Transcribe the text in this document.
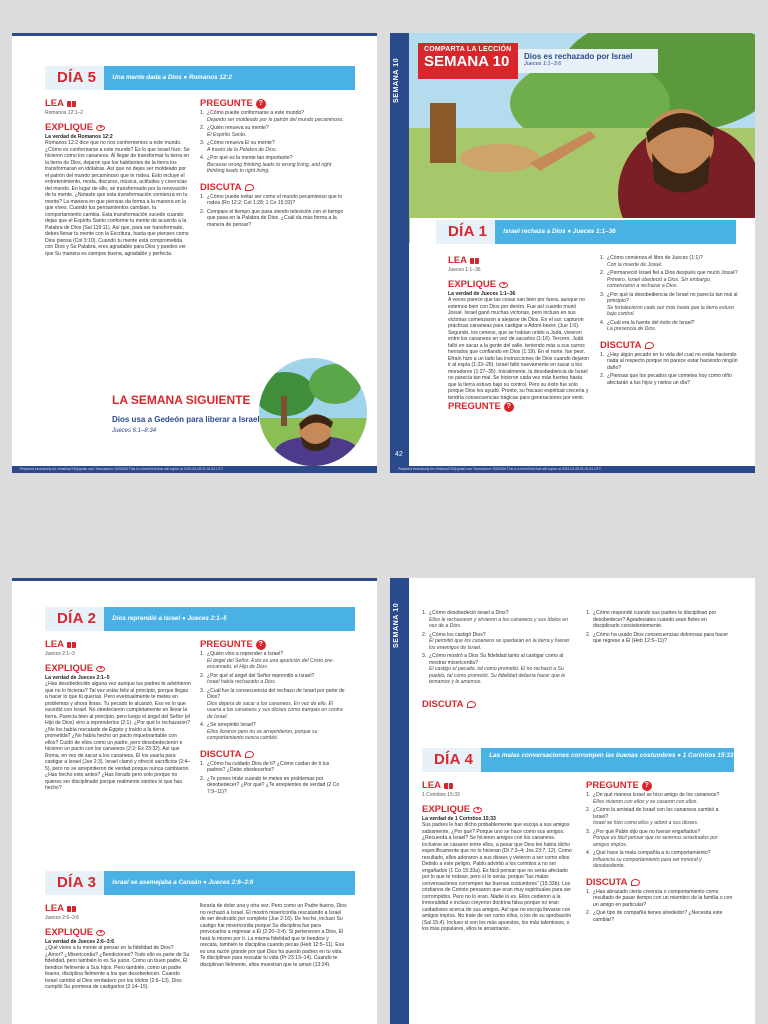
DÍA 5	Una mente dada a Dios ● Romanos 12:2
LEA
Romanos 12:1–2
EXPLIQUE
La verdad de Romanos 12:2
Romanos 12:2 dice que no nos conformemos a este mundo. ¿Cómo es conformarse a este mundo? Es lo que Israel hizo. Se hicieron como los cananeos. Al llegar de transformar la tierra en la tierra de Dios, dejaron que los habitantes de la tierra los transformaran en idólatras. Así que no dejes ser moldeado por el patrón del mundo pecaminoso que te rodea. Esto incluye el entretenimiento, moda, discurso, música, actitudes y creencias del mundo. En lugar de ello, sé transformado por la renovación de tu mente. ¿Notaste que esta transformación comienza en tu mente? La manera en que piensas da forma a la manera en la que vives. Cuando tus pensamientos cambian, tu comportamiento cambia. Esta transformación sucede cuando dejas que el Espíritu Santo conforme tu mente de acuerdo a la Palabra de Dios (Sal 119:11). Así que, para ser transformado, debes llenar tu mente con la Escritura, hasta que pienses como Dios piensa (Col 3:10). Cuando tu mente está comprometida con Dios y Su Palabra, eres agradable para Dios y puedes ver que Su manera es siempre buena, agradable y perfecta.
PREGUNTE ?
1. ¿Cómo puede conformarse a este mundo?
Dejando ser moldeado por le patrón del mundo pecaminoso.
2. ¿Quién renueva su mente?
El Espíritu Santo.
3. ¿Cómo renueva El su mente?
A través de la Palabra de Dios.
4. ¿Por qué es la mente tan importante?
Because wrong thinking leads to wrong living, and right thinking leads to right living.
DISCUTA
1. ¿Cómo puede evitar ser como el mundo pecaminoso que lo rodea (Ro 12:2; Col 1:28; 1 Co 15:33)?
2. Compare el tiempo que pasa viendo televisión con el tiempo que pasa en la Palabra de Dios. ¿Cuál da más forma a la manera de pensar?
LA SEMANA SIGUIENTE
Dios usa a Gedeón para liberar a Israel
Jueces 6:1–8:34
Prepared exclusively for christina276@gmail.com Transaction: 0000036 This is a timed link that will expire at 2023-04-08 01:31:51 UTC
SEMANA 10
42
COMPARTA LA LECCIÓN
SEMANA 10	Dios es rechazado por Israel
Jueces 1:1–3:6
DÍA 1	Israel rechaza a Dios ● Jueces 1:1–36
LEA
Jueces 1:1–36
EXPLIQUE
La verdad de Jueces 1:1–36
A veces parece que las cosas van bien por fuera, aunque no estemos bien con Dios por dentro. Fue así cuando murió Josué. Israel ganó muchas victorias, pero incluso en sus victorias comenzaron a alejarse de Dios. En el sur, capturon prácticas cananeas para castigar a Adoni-bezec (Jue 1:6). Segundo, los ceneos, que se habían unido a Judá, vivieron entre los cananeos en vez de sacarlos (1:16). Tercero, Judá falló en sacar a la gente del valle, teniendo más a sus carros herrados que confiando en Dios (1:19). En el norte, fue peor. Efraín hizo a un lado las instrucciones de Dios cuando dejaron ir al espía (1:23–26). Israel falló nuevamente en sacar a los moradores (1:27–35). Inicialmente, la desobediencia de Israel no parecía tan mal. Se hicieron cada vez más fuertes hasta que la tierra estuvo bajo su control. Pero su éxito fue solo porque Dios les ayudó. Pronto, su fracaso espiritual crecería y tendría consecuencias trágicas para generaciones por venir.
PREGUNTE ?
1. ¿Cómo comienza el libro de Jueces (1:1)?
Con la muerte de Josué.
2. ¿Permaneció Israel fiel a Dios después que murió Josué?
Primero, Israel obedeció a Dios. Sin embargo, comenzaron a rechazar a Dios.
3. ¿Por qué la desobediencia de Israel no parecía tan mal al principio?
Se fortalecieron cada vez más hasta que la tierra estuvo bajo control.
4. ¿Cuál era la fuente del éxito de Israel?
La presencia de Dios.
DISCUTA
1. ¿Hay algún pecado en tu vida del cual no estás haciendo nada al respecto porque no parece estar haciendo ningún daño?
2. ¿Piensas que los pecados que cometes hoy como niño afectarán a tus hijos y nietos un día?
Prepared exclusively for christina276@gmail.com Transaction: 0000036 This is a timed link that will expire at 2023-04-08 01:31:51 UTC
DÍA 2	Dios reprendió a Israel ● Jueces 2:1–5
LEA
Jueces 2:1–3
EXPLIQUE
La verdad de Jueces 2:1–5
¿Has desobedecido alguna vez aunque tus padres te advirtieron que no lo hicieras? Tal vez estás feliz al principio, porque llegas a hacer lo que tú querías. Pero eventualmente te metes en problemas y ahora lloras. Tu pecado te alcanzó. Eso es lo que sucedió con Israel. No obedecieron completamente en llevar la tierra. Parecía bien al principio, pero luego el ángel del Señor (el Hijo de Dios) vino a reprenderlos (2:1). ¿Por qué lo rechazaron? ¿No los había rescatado de Egipto y traído a la tierra prometida? ¿No había hecho un pacto inquebrantable con ellos? Cuidó de ellos como un padre, pero desobedecieron e hicieron un pacto con los cananeos (2:2; Ex 23:32). Así que Roma, en vez de sacar a los cananeos, Él los usaría para castigar a Israel (Jue 2:3). Israel clamó y ofreció sacrificios (2:4–5), pero no se arrepintieron de verdad porque nunca cambiaron. ¿Has hecho esto antes? ¿Has llorado pero solo porque no quieres ser disciplinado porque realmente sientes lo que has hecho?
PREGUNTE ?
1. ¿Quién vino a reprender a Israel?
El ángel del Señor. Esto es una aparición del Cristo pre-encarnado, el Hijo de Dios.
2. ¿Por qué el ángel del Señor reprendió a Israel?
Israel había rechazado a Dios.
3. ¿Cuál fue la consecuencia del rechazo de Israel por parte de Dios?
Dios dejaría de sacar a los cananeos. En vez de ello, Él usaría a los cananeos y sus dioses como trampas en contra de Israel.
4. ¿Se arrepintió Israel?
Ellos lloraron pero no se arrepintieron, porque su comportamiento nunca cambió.
DISCUTA
1. ¿Cómo ha cuidado Dios de ti? ¿Cómo cuidan de ti tus padres? ¿Debe obedecerlos?
2. ¿Te pones triste cuando te metes en problemas por desobedecer? ¿Por qué? ¿Te arrepientes de verdad (2 Co 7:9–11)?
DÍA 3	Israel se asemejaba a Canaán ● Jueces 2:6–3:6
LEA
Jueces 2:6–3:6
EXPLIQUE
La verdad de Jueces 2:6–3:6
¿Qué viene a tu mente al pensar en la fidelidad de Dios? ¿Amor? ¿Misericordia? ¿Bendiciones? Todo ello es parte de Su fidelidad, pero también lo es Su juicio. Como un buen padre, Él bendice fielmente a Sus hijos. Pero también, como un padre bueno, disciplina fielmente a los que desobedecen. Cuando Israel cambió al Dios verdadero por los ídolos (2:6–13), Dios cumplió Su promesa de castigarlos (2:14–15).
llorarla de dolor una y otra vez. Pero como un Padre bueno, Dios no rechazó a Israel. Él mostró misericordia rescatando a Israel de ser destruido por completo (Jue 2:16). De hecho, incluso Su castigo fue misericordia porque Su disciplina fue para provocarlos a regresar a Él (2:20–3:4). Si pertenecen a Dios, Él hará lo mismo por ti. La misma fidelidad que te bendice y rescata, también te disciplina cuando pecas (Heb 12:5–11). Esa es una razón grande por qué Dios ha puesto padres en tu vida. Te disciplinan para rescatar tu vida (Pr 23:13–14). Cuando te disciplinan fielmente, ellos muestran que te aman (13:24).
SEMANA 10	1. ¿Cómo desobedeció Israel a Dios?
Ellos le rechazaron y sirvieron a los cananeos y sus ídolos en vez de a Dios.
2. ¿Cómo los castigó Dios?
Él permitió que los cananeos se quedaran en la tierra y fueran los enemigos de Israel.
3. ¿Cómo mostró a Dios Su fidelidad tanto al castigar como al mostrar misericordia?
El castigo el pecado, tal como prometió. El no rechazó a Su pueblo, tal como prometió. Su fidelidad debería hacer que le temamos y le amemos.
DISCUTA
1. ¿Cómo respondé cuando sus padres le disciplinan por desobedecer? Agradeciales cuando sean fieles en disciplinarlo consistentemente.
2. ¿Cómo ha usado Dios consecuencias dolorosas para hacer que regrese a Él (Heb 12:5–11)?
DÍA 4	Las malas conversaciones corrompen las buenas costumbres ● 1 Corintios 15:33
LEA
1 Corintios 15:33
EXPLIQUE
La verdad de 1 Corintios 15:33
Sus padres le han dicho probablemente que escoja a sus amigos sabiamente. ¿Por qué? Porque uno se hace como sus amigos. ¿Recuerda a Israel? Se hicieron amigos con los cananeos. Inclusive se casaron entre ellos, a pesar que Dios les había dicho específicamente que no lo hicieran (Dt 7:3–4; Jos 23:7, 12). Como resultado, ellos adoraron a sus dioses y vivieron a ser como ellos. Debido a este peligro, Pablo advirtió a los corintios a no ser engañados (1 Co 15:33a). Es fácil pensar que no serás afectado por lo que te rodean, pero sí lo serás, porque "las malas conversaciones corrompen las buenas costumbres" (15:33b). Los cristianos de Corinto pensaron que eran muy espirituales para ser corrompidos. Pero no lo eran. Nadie lo es. Ellos cedieron a la inmoralidad e incluso creyeron doctrina falsa porque no eran cuidadosos acerca de sus amigos. Así que no escoja llevarse con amigos impíos. No trate de ser como ellos, o los de su aprobación (Sal 15:4). Incluso si son los más apuestos, los más talentosos, o los más populares, ellos te arrastrarán.
PREGUNTE ?
1. ¿De qué manera Israel se hizo amigo de los cananeos?
Ellos vivieron con ellos y se casaron con ellos.
2. ¿Cómo la amistad de Israel con los cananeos cambió a Israel?
Israel se hizo como ellos y adoró a sus dioses.
3. ¿Por qué Pablo dijo que no fueran engañados?
Porque es fácil pensar que no seremos arrastrados por amigos impíos.
4. ¿Qué hace la mala compañía a tu comportamiento?
Influencia su comportamiento para ser inmoral y desobediente.
DISCUTA
1. ¿Has abrazado cierta creencia o comportamiento como resultado de pasar tiempo con un miembro de la familia o con un amigo en particular?
2. ¿Qué tipo de compañía tienes alrededor? ¿Necesita este cambiar?
